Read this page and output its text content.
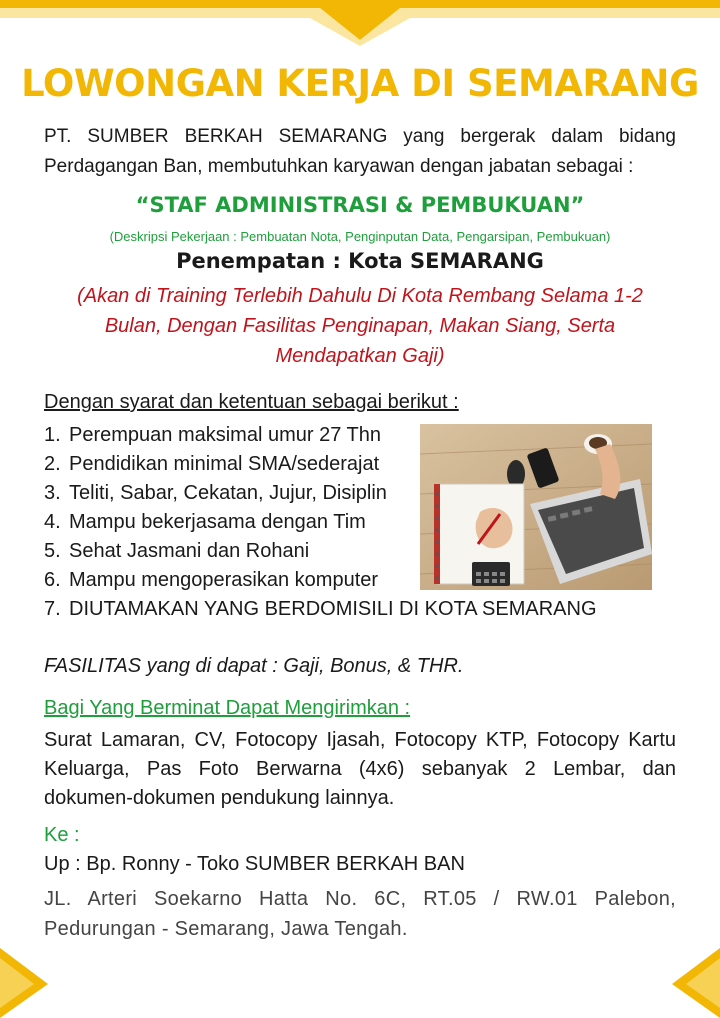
LOWONGAN KERJA DI SEMARANG

PT. SUMBER BERKAH SEMARANG yang bergerak dalam bidang Perdagangan Ban, membutuhkan karyawan dengan jabatan sebagai :

“STAF ADMINISTRASI & PEMBUKUAN”
(Deskripsi Pekerjaan : Pembuatan Nota, Penginputan Data, Pengarsipan, Pembukuan)
Penempatan : Kota SEMARANG
(Akan di Training Terlebih Dahulu Di Kota Rembang Selama 1-2 Bulan, Dengan Fasilitas Penginapan, Makan Siang, Serta Mendapatkan Gaji)
Dengan syarat dan ketentuan sebagai berikut :
1. Perempuan maksimal umur 27 Thn
2. Pendidikan minimal SMA/sederajat
3. Teliti, Sabar, Cekatan, Jujur, Disiplin
4. Mampu bekerjasama dengan Tim
5. Sehat Jasmani dan Rohani
6. Mampu mengoperasikan komputer
7. DIUTAMAKAN YANG BERDOMISILI DI KOTA SEMARANG
FASILITAS yang di dapat : Gaji, Bonus, & THR.
Bagi Yang Berminat Dapat Mengirimkan :

Surat Lamaran, CV, Fotocopy Ijasah, Fotocopy KTP, Fotocopy Kartu Keluarga, Pas Foto Berwarna (4x6) sebanyak 2 Lembar, dan dokumen-dokumen pendukung lainnya.

Ke :
Up : Bp. Ronny - Toko SUMBER BERKAH BAN

JL. Arteri Soekarno Hatta No. 6C, RT.05 / RW.01 Palebon, Pedurungan - Semarang, Jawa Tengah.
